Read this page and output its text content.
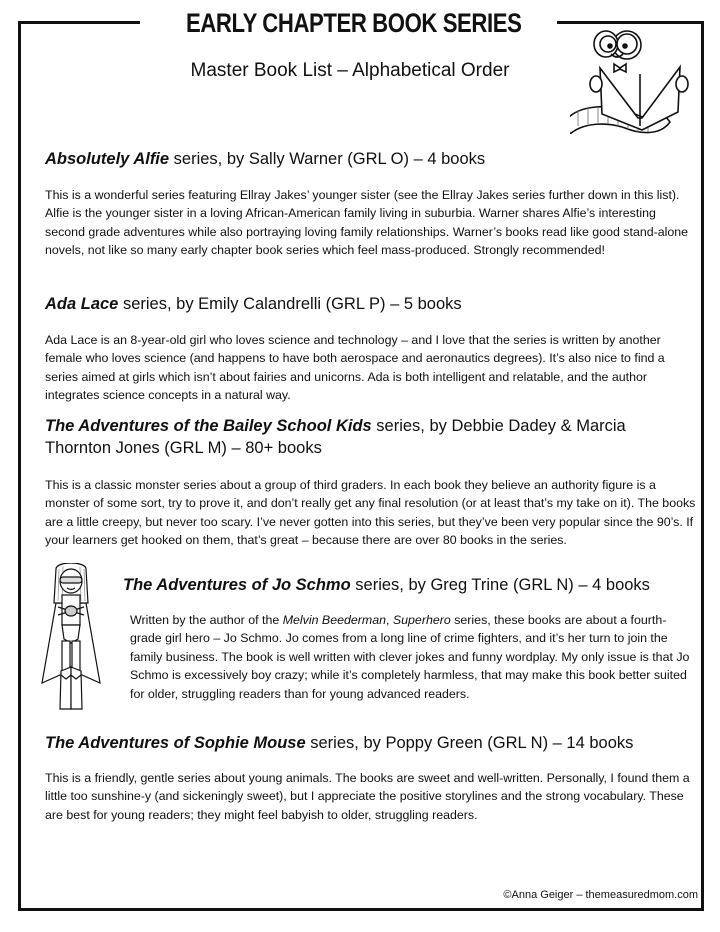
EARLY CHAPTER BOOK SERIES
Master Book List – Alphabetical Order
Absolutely Alfie series, by Sally Warner (GRL O) – 4 books
This is a wonderful series featuring Ellray Jakes’ younger sister (see the Ellray Jakes series further down in this list). Alfie is the younger sister in a loving African-American family living in suburbia. Warner shares Alfie’s interesting second grade adventures while also portraying loving family relationships. Warner’s books read like good stand-alone novels, not like so many early chapter book series which feel mass-produced. Strongly recommended!
Ada Lace series, by Emily Calandrelli (GRL P) – 5 books
Ada Lace is an 8-year-old girl who loves science and technology – and I love that the series is written by another female who loves science (and happens to have both aerospace and aeronautics degrees). It’s also nice to find a series aimed at girls which isn’t about fairies and unicorns. Ada is both intelligent and relatable, and the author integrates science concepts in a natural way.
The Adventures of the Bailey School Kids series, by Debbie Dadey & Marcia
Thornton Jones (GRL M) – 80+ books
This is a classic monster series about a group of third graders. In each book they believe an authority figure is a monster of some sort, try to prove it, and don’t really get any final resolution (or at least that’s my take on it). The books are a little creepy, but never too scary. I’ve never gotten into this series, but they’ve been very popular since the 90’s. If your learners get hooked on them, that’s great – because there are over 80 books in the series.
The Adventures of Jo Schmo series, by Greg Trine (GRL N) – 4 books
Written by the author of the Melvin Beederman, Superhero series, these books are about a fourth-grade girl hero – Jo Schmo. Jo comes from a long line of crime fighters, and it’s her turn to join the family business. The book is well written with clever jokes and funny wordplay. My only issue is that Jo Schmo is excessively boy crazy; while it’s completely harmless, that may make this book better suited for older, struggling readers than for young advanced readers.
The Adventures of Sophie Mouse series, by Poppy Green (GRL N) – 14 books
This is a friendly, gentle series about young animals. The books are sweet and well-written. Personally, I found them a little too sunshine-y (and sickeningly sweet), but I appreciate the positive storylines and the strong vocabulary. These are best for young readers; they might feel babyish to older, struggling readers.
©Anna Geiger – themeasuredmom.com
